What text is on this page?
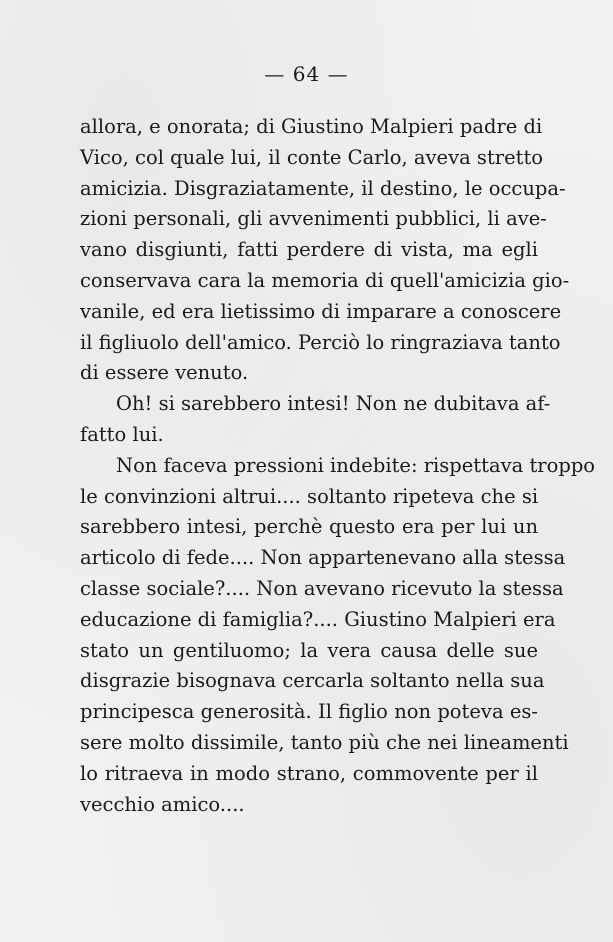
— 64 —
allora, e onorata; di Giustino Malpieri padre di
Vico, col quale lui, il conte Carlo, aveva stretto
amicizia. Disgraziatamente, il destino, le occupa-
zioni personali, gli avvenimenti pubblici, li ave-
vano disgiunti, fatti perdere di vista, ma egli
conservava cara la memoria di quell'amicizia gio-
vanile, ed era lietissimo di imparare a conoscere
il figliuolo dell'amico. Perciò lo ringraziava tanto
di essere venuto.
Oh! si sarebbero intesi! Non ne dubitava af-
fatto lui.
Non faceva pressioni indebite: rispettava troppo
le convinzioni altrui.... soltanto ripeteva che si
sarebbero intesi, perchè questo era per lui un
articolo di fede.... Non appartenevano alla stessa
classe sociale?.... Non avevano ricevuto la stessa
educazione di famiglia?.... Giustino Malpieri era
stato un gentiluomo; la vera causa delle sue
disgrazie bisognava cercarla soltanto nella sua
principesca generosità. Il figlio non poteva es-
sere molto dissimile, tanto più che nei lineamenti
lo ritraeva in modo strano, commovente per il
vecchio amico....
